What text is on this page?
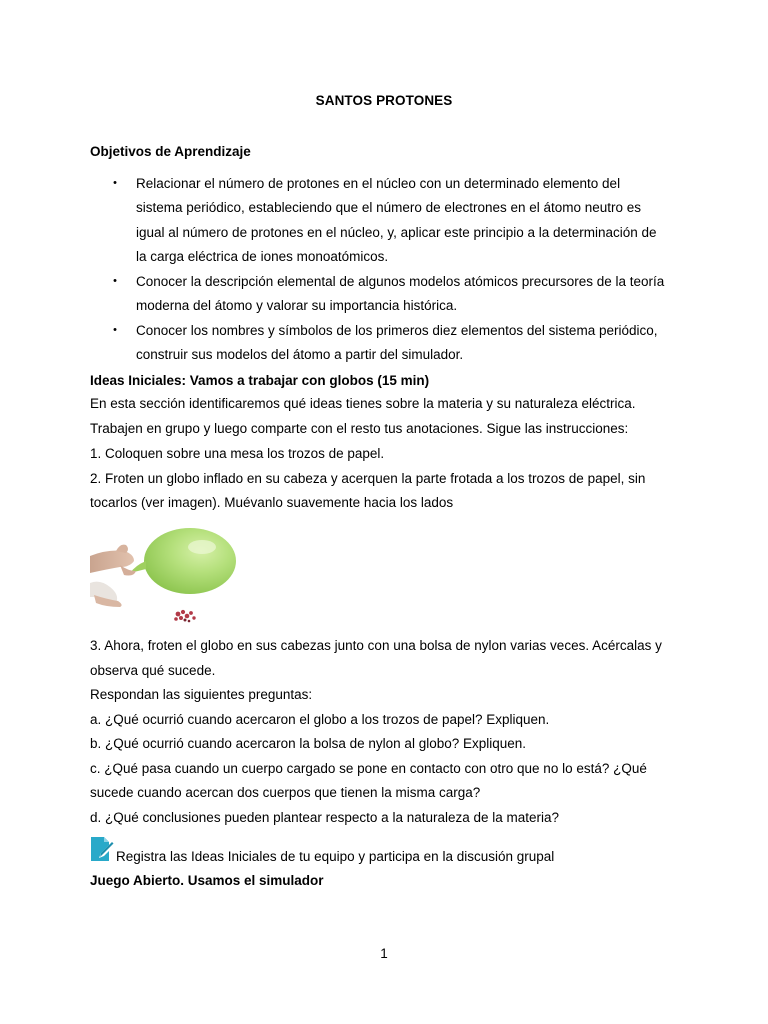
SANTOS PROTONES
Objetivos de Aprendizaje
• Relacionar el número de protones en el núcleo con un determinado elemento del
sistema periódico, estableciendo que el número de electrones en el átomo neutro es
igual al número de protones en el núcleo, y, aplicar este principio a la determinación de
la carga eléctrica de iones monoatómicos.
• Conocer la descripción elemental de algunos modelos atómicos precursores de la teoría
moderna del átomo y valorar su importancia histórica.
• Conocer los nombres y símbolos de los primeros diez elementos del sistema periódico,
construir sus modelos del átomo a partir del simulador.
Ideas Iniciales: Vamos a trabajar con globos (15 min)
En esta sección identificaremos qué ideas tienes sobre la materia y su naturaleza eléctrica.
Trabajen en grupo y luego comparte con el resto tus anotaciones. Sigue las instrucciones:
1. Coloquen sobre una mesa los trozos de papel.
2. Froten un globo inflado en su cabeza y acerquen la parte frotada a los trozos de papel, sin
tocarlos (ver imagen). Muévanlo suavemente hacia los lados
3. Ahora, froten el globo en sus cabezas junto con una bolsa de nylon varias veces. Acércalas y
observa qué sucede.
Respondan las siguientes preguntas:
a. ¿Qué ocurrió cuando acercaron el globo a los trozos de papel? Expliquen.
b. ¿Qué ocurrió cuando acercaron la bolsa de nylon al globo? Expliquen.
c. ¿Qué pasa cuando un cuerpo cargado se pone en contacto con otro que no lo está? ¿Qué
sucede cuando acercan dos cuerpos que tienen la misma carga?
d. ¿Qué conclusiones pueden plantear respecto a la naturaleza de la materia?
Registra las Ideas Iniciales de tu equipo y participa en la discusión grupal
Juego Abierto. Usamos el simulador
1
